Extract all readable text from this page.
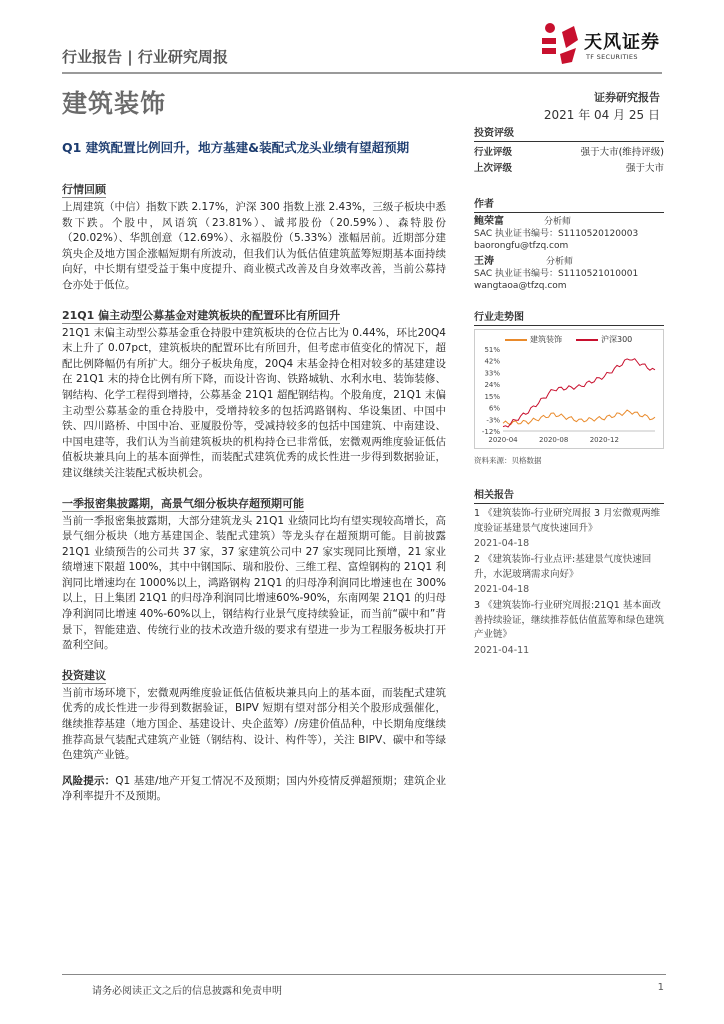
行业报告 | 行业研究周报
建筑装饰	证券研究报告
2021 年 04 月 25 日
Q1 建筑配置比例回升，地方基建&装配式龙头业绩有望超预期
天风证券
TF SECURITIES
行情回顾
上周建筑（中信）指数下跌 2.17%，沪深 300 指数上涨 2.43%，三级子板块中悉数下跌。个股中，风语筑（23.81%）、诚邦股份（20.59%）、森特股份（20.02%）、华凯创意（12.69%）、永福股份（5.33%）涨幅居前。近期部分建筑央企及地方国企涨幅短期有所波动，但我们认为低估值建筑蓝筹短期基本面持续向好，中长期有望受益于集中度提升、商业模式改善及自身效率改善，当前公募持仓亦处于低位。
21Q1 偏主动型公募基金对建筑板块的配置环比有所回升
21Q1 末偏主动型公募基金重仓持股中建筑板块的仓位占比为 0.44%，环比20Q4 末上升了 0.07pct，建筑板块的配置环比有所回升，但考虑市值变化的情况下，超配比例降幅仍有所扩大。细分子板块角度，20Q4 末基金持仓相对较多的基建建设在 21Q1 末的持仓比例有所下降，而设计咨询、铁路城轨、水利水电、装饰装修、钢结构、化学工程得到增持，公募基金 21Q1 超配钢结构。个股角度，21Q1 末偏主动型公募基金的重仓持股中，受增持较多的包括鸿路钢构、华设集团、中国中铁、四川路桥、中国中冶、亚厦股份等，受减持较多的包括中国建筑、中南建设、中国电建等，我们认为当前建筑板块的机构持仓已非常低，宏微观两维度验证低估值板块兼具向上的基本面弹性，而装配式建筑优秀的成长性进一步得到数据验证，建议继续关注装配式板块机会。
一季报密集披露期，高景气细分板块存超预期可能
当前一季报密集披露期，大部分建筑龙头 21Q1 业绩同比均有望实现较高增长，高景气细分板块（地方基建国企、装配式建筑）等龙头存在超预期可能。目前披露 21Q1 业绩预告的公司共 37 家，37 家建筑公司中 27 家实现同比预增，21 家业绩增速下限超 100%，其中中钢国际、瑞和股份、三维工程、富煌钢构的 21Q1 利润同比增速均在 1000%以上，鸿路钢构 21Q1 的归母净利润同比增速也在 300%以上，日上集团 21Q1 的归母净利润同比增速60%-90%，东南网架 21Q1 的归母净利润同比增速 40%-60%以上，钢结构行业景气度持续验证，而当前“碳中和”背景下，智能建造、传统行业的技术改造升级的要求有望进一步为工程服务板块打开盈利空间。
投资建议
当前市场环境下，宏微观两维度验证低估值板块兼具向上的基本面，而装配式建筑优秀的成长性进一步得到数据验证，BIPV 短期有望对部分相关个股形成强催化，继续推荐基建（地方国企、基建设计、央企蓝筹）/房建价值品种，中长期角度继续推荐高景气装配式建筑产业链（钢结构、设计、构件等），关注 BIPV、碳中和等绿色建筑产业链。
风险提示：Q1 基建/地产开复工情况不及预期；国内外疫情反弹超预期；建筑企业净利率提升不及预期。
投资评级
行业评级	强于大市(维持评级)
上次评级	强于大市
作者
鲍荣富	分析师
SAC 执业证书编号：S1110520120003
baorongfu@tfzq.com
王涛	分析师
SAC 执业证书编号：S1110521010001
wangtaoa@tfzq.com
行业走势图
建筑装饰	沪深300
51%
42%
33%
24%
15%
6%
-3%
-12%
2020-04	2020-08	2020-12
资料来源：贝格数据
相关报告
1 《建筑装饰-行业研究周报 3 月宏微观两维度验证基建景气度快速回升》
2021-04-18
2 《建筑装饰-行业点评:基建景气度快速回升，水泥玻璃需求向好》
2021-04-18
3 《建筑装饰-行业研究周报:21Q1 基本面改善持续验证，继续推荐低估值蓝筹和绿色建筑产业链》
2021-04-11
请务必阅读正文之后的信息披露和免责申明	1
